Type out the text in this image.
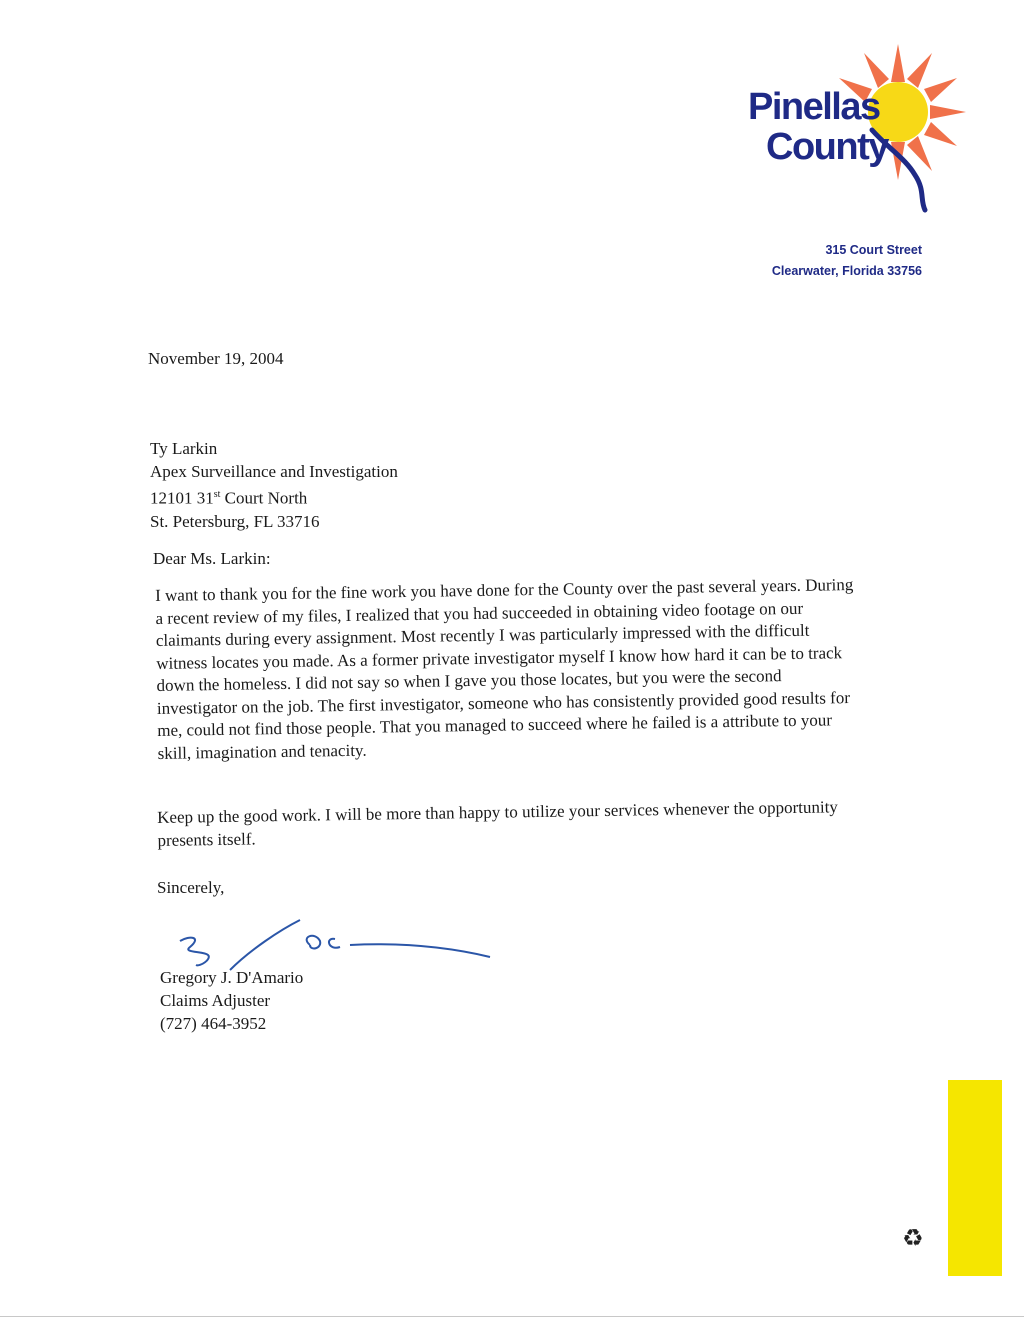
Pinellas
County
315 Court Street
Clearwater, Florida 33756
November 19, 2004
Ty Larkin
Apex Surveillance and Investigation
12101 31st Court North
St. Petersburg, FL 33716
Dear Ms. Larkin:
I want to thank you for the fine work you have done for the County over the past several years. During a recent review of my files, I realized that you had succeeded in obtaining video footage on our claimants during every assignment. Most recently I was particularly impressed with the difficult witness locates you made. As a former private investigator myself I know how hard it can be to track down the homeless. I did not say so when I gave you those locates, but you were the second investigator on the job. The first investigator, someone who has consistently provided good results for me, could not find those people. That you managed to succeed where he failed is a attribute to your skill, imagination and tenacity.
Keep up the good work. I will be more than happy to utilize your services whenever the opportunity presents itself.
Sincerely,
Gregory J. D'Amario
Claims Adjuster
(727) 464-3952
♻
